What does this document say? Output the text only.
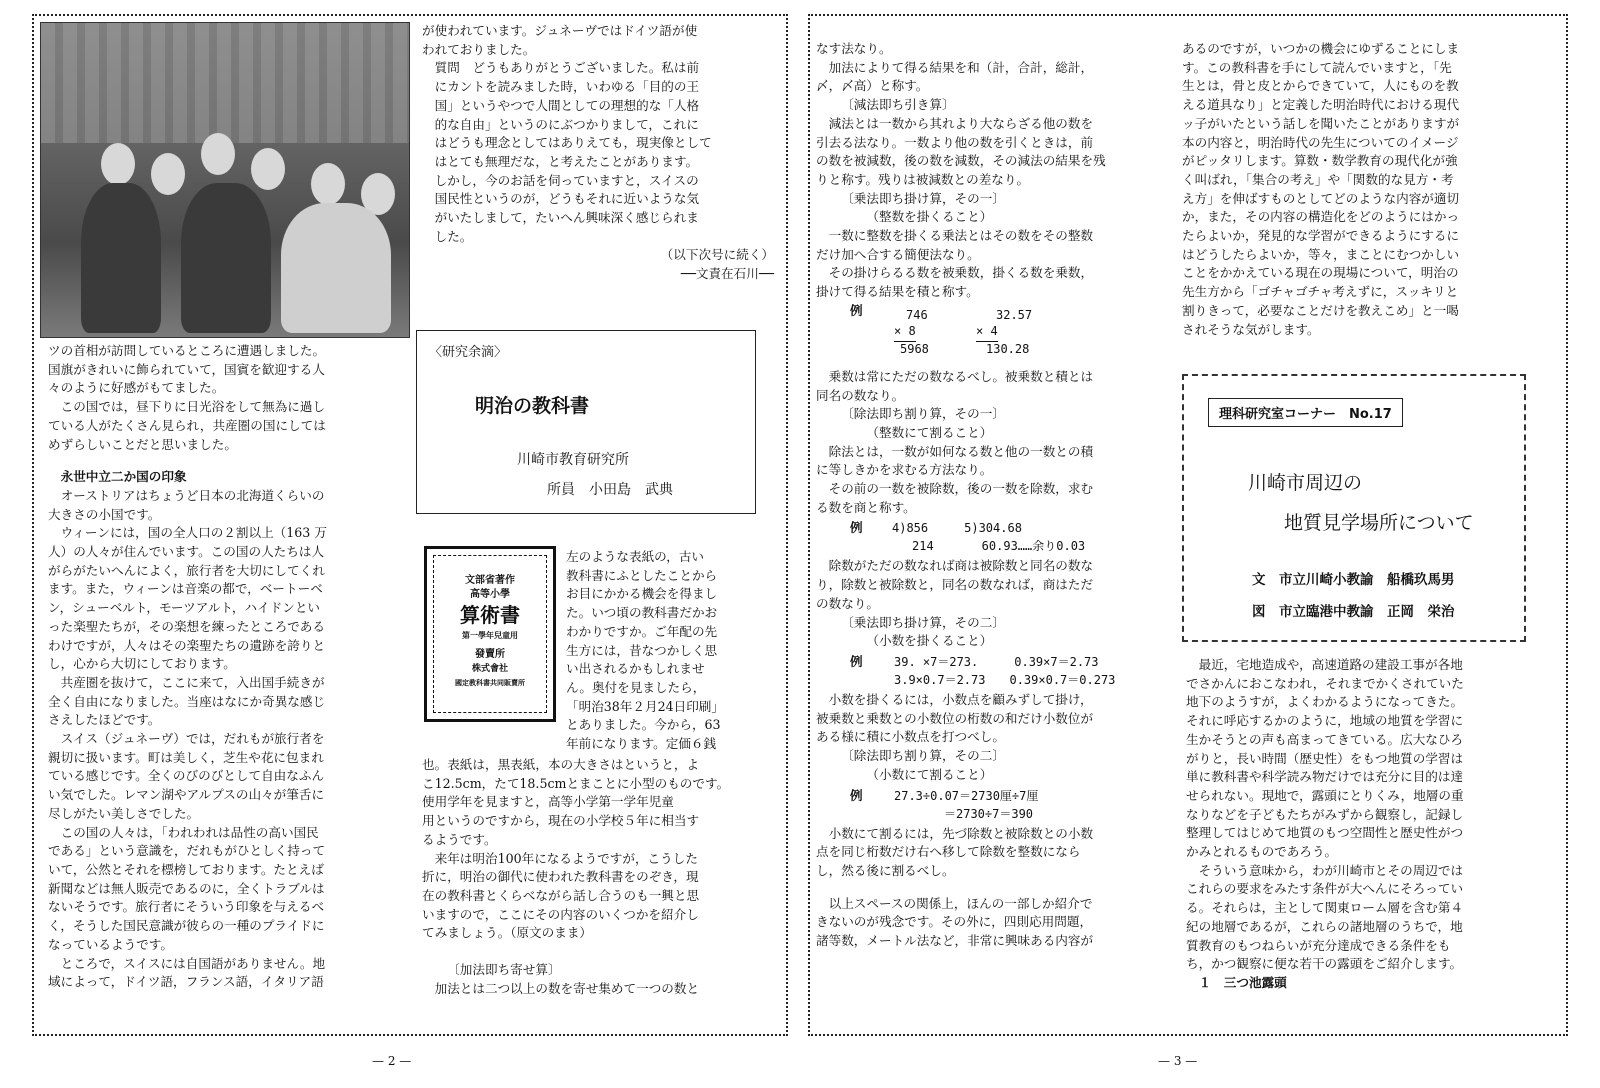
ツの首相が訪問しているところに遭遇しました。

国旗がきれいに飾られていて，国賓を歓迎する人

々のように好感がもてました。

この国では，昼下りに日光浴をして無為に過し

ている人がたくさん見られ，共産圏の国にしては

めずらしいことだと思いました。

永世中立二か国の印象

オーストリアはちょうど日本の北海道くらいの

大きさの小国です。

ウィーンには，国の全人口の２割以上（163 万

人）の人々が住んでいます。この国の人たちは人

がらがたいへんによく，旅行者を大切にしてくれ

ます。また，ウィーンは音楽の都で，ベートーベ

ン，シューベルト，モーツアルト，ハイドンとい

った楽聖たちが，その楽想を練ったところである

わけですが，人々はその楽聖たちの遺跡を誇りと

し，心から大切にしております。

共産圏を抜けて，ここに来て，入出国手続きが

全く自由になりました。当座はなにか奇異な感じ

さえしたほどです。

スイス（ジュネーヴ）では，だれもが旅行者を

親切に扱います。町は美しく，芝生や花に包まれ

ている感じです。全くのびのびとして自由なふん

い気でした。レマン湖やアルプスの山々が筆舌に

尽しがたい美しさでした。

この国の人々は，「われわれは品性の高い国民

である」という意識を，だれもがひとしく持って

いて，公然とそれを標榜しております。たとえば

新聞などは無人販売であるのに，全くトラブルは

ないそうです。旅行者にそういう印象を与えるべ

く，そうした国民意識が彼らの一種のプライドに

なっているようです。

ところで，スイスには自国語がありません。地

域によって，ドイツ語，フランス語，イタリア語

が使われています。ジュネーヴではドイツ語が使

われておりました。

質問　どうもありがとうございました。私は前

にカントを読みました時，いわゆる「目的の王

国」というやつで人間としての理想的な「人格

的な自由」というのにぶつかりまして，これに

はどうも理念としてはありえても，現実像として

はとても無理だな，と考えたことがあります。

しかし，今のお話を伺っていますと，スイスの

国民性というのが，どうもそれに近いような気

がいたしまして，たいへん興味深く感じられま

した。

（以下次号に続く）

──文責在石川──

〈研究余滴〉
明治の教科書
川崎市教育研究所
所員　小田島　武典
文部省著作
高等小學
算術書
第一學年兒童用
發賣所
株式會社
國定教科書共同販賣所

左のような表紙の，古い

教科書にふとしたことから

お目にかかる機会を得まし

た。いつ頃の教科書だかお

わかりですか。ご年配の先

生方には，昔なつかしく思

い出されるかもしれませ

ん。奥付を見ましたら，

「明治38年２月24日印刷」

とありました。今から，63

年前になります。定価６銭

也。表紙は，黒表紙，本の大きさはというと，よ

こ12.5cm，たて18.5cmとまことに小型のものです。

使用学年を見ますと，高等小学第一学年児童

用というのですから，現在の小学校５年に相当す

るようです。

来年は明治100年になるようですが，こうした

折に，明治の御代に使われた教科書をのぞき，現

在の教科書とくらべながら話し合うのも一興と思

いますので，ここにその内容のいくつかを紹介し

てみましょう。（原文のまま）

〔加法即ち寄せ算〕

加法とは二つ以上の数を寄せ集めて一つの数と

— 2 —

なす法なり。

加法によりて得る結果を和（計，合計，総計，

〆，〆高）と称す。

〔減法即ち引き算〕

減法とは一数から其れより大ならざる他の数を

引去る法なり。一数より他の数を引くときは，前

の数を被減数，後の数を減数，その減法の結果を残

りと称す。残りは被減数との差なり。

〔乗法即ち掛け算，その一〕

（整数を掛くること）

一数に整数を掛くる乗法とはその数をその整数

だけ加へ合する簡便法なり。

その掛けらるる数を被乗数，掛くる数を乗数，

掛けて得る結果を積と称す。

例	746
× 8
5968
32.57
× 4
130.28

乗数は常にただの数なるべし。被乗数と積とは

同名の数なり。

〔除法即ち割り算，その一〕

（整数にて割ること）

除法とは，一数が如何なる数と他の一数との積

に等しきかを求むる方法なり。

その前の一数を被除数，後の一数を除数，求む

る数を商と称す。

例 4)856　　　5)304.68
214　　　　60.93……余り0.03

除数がただの数なれば商は被除数と同名の数な

り，除数と被除数と，同名の数なれば，商はただ

の数なり。

〔乗法即ち掛け算，その二〕

（小数を掛くること）

例	39. ×7＝273.　　　0.39×7＝2.73
3.9×0.7＝2.73　　0.39×0.7＝0.273

小数を掛くるには，小数点を顧みずして掛け，

被乗数と乗数との小数位の桁数の和だけ小数位が

ある様に積に小数点を打つべし。

〔除法即ち割り算，その二〕

（小数にて割ること）

例	27.3÷0.07＝2730厘÷7厘
＝2730÷7＝390

小数にて割るには，先づ除数と被除数との小数

点を同じ桁数だけ右へ移して除数を整数になら

し，然る後に割るべし。

以上スペースの関係上，ほんの一部しか紹介で

きないのが残念です。その外に，四則応用問題，

諸等数，メートル法など，非常に興味ある内容が

あるのですが，いつかの機会にゆずることにしま

す。この教科書を手にして読んでいますと，「先

生とは，骨と皮とからできていて，人にものを教

える道具なり」と定義した明治時代における現代

ッ子がいたという話しを聞いたことがありますが

本の内容と，明治時代の先生についてのイメージ

がピッタリします。算数・数学教育の現代化が強

く叫ばれ，「集合の考え」や「関数的な見方・考

え方」を伸ばすものとしてどのような内容が適切

か，また，その内容の構造化をどのようにはかっ

たらよいか，発見的な学習ができるようにするに

はどうしたらよいか，等々，まことにむつかしい

ことをかかえている現在の現場について，明治の

先生方から「ゴチャゴチャ考えずに，スッキリと

割りきって，必要なことだけを教えこめ」と一喝

されそうな気がします。

理科研究室コーナー　No.17
川崎市周辺の
地質見学場所について
文　市立川崎小教諭　船橋玖馬男
図　市立臨港中教諭　正岡　栄治

最近，宅地造成や，高速道路の建設工事が各地

でさかんにおこなわれ，それまでかくされていた

地下のようすが，よくわかるようになってきた。

それに呼応するかのように，地域の地質を学習に

生かそうとの声も高まってきている。広大なひろ

がりと，長い時間（歴史性）をもつ地質の学習は

単に教科書や科学読み物だけでは充分に目的は達

せられない。現地で，露頭にとりくみ，地層の重

なりなどを子どもたちがみずから観察し，記録し

整理してはじめて地質のもつ空間性と歴史性がつ

かみとれるものであろう。

そういう意味から，わが川崎市とその周辺では

これらの要求をみたす条件が大へんにそろってい

る。それらは，主として関東ローム層を含む第４

紀の地層であるが，これらの諸地層のうちで，地

質教育のもつねらいが充分達成できる条件をも

ち，かつ観察に便な若干の露頭をご紹介します。

１　三つ池露頭
— 3 —
